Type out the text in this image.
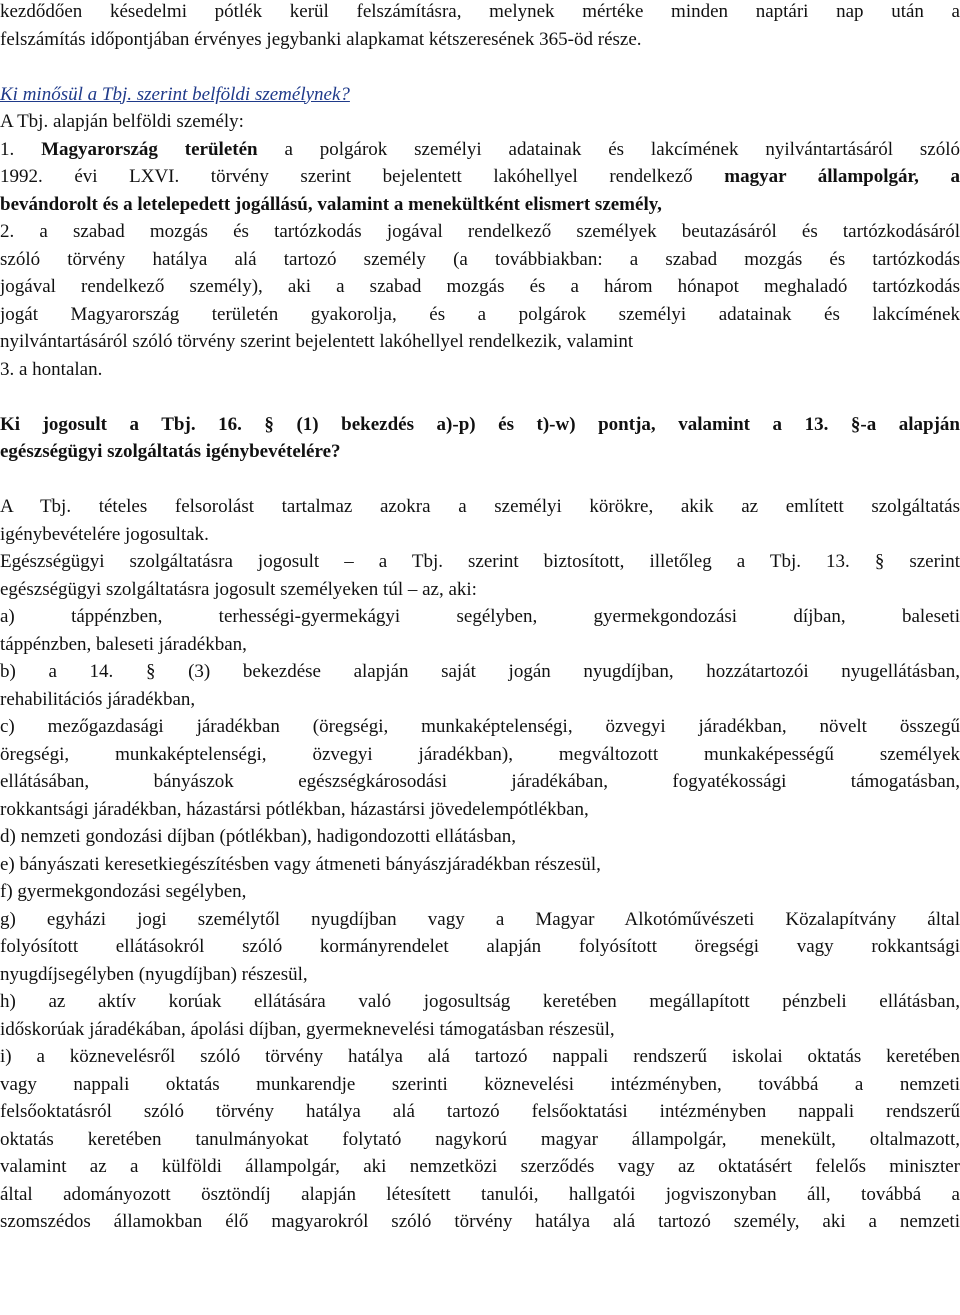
kezdődően késedelmi pótlék kerül felszámításra, melynek mértéke minden naptári nap után a
felszámítás időpontjában érvényes jegybanki alapkamat kétszeresének 365-öd része.
Ki minősül a Tbj. szerint belföldi személynek?
A Tbj. alapján belföldi személy:
1. Magyarország területén a polgárok személyi adatainak és lakcímének nyilvántartásáról szóló
1992. évi LXVI. törvény szerint bejelentett lakóhellyel rendelkező magyar állampolgár, a
bevándorolt és a letelepedett jogállású, valamint a menekültként elismert személy,
2. a szabad mozgás és tartózkodás jogával rendelkező személyek beutazásáról és tartózkodásáról
szóló törvény hatálya alá tartozó személy (a továbbiakban: a szabad mozgás és tartózkodás
jogával rendelkező személy), aki a szabad mozgás és a három hónapot meghaladó tartózkodás
jogát Magyarország területén gyakorolja, és a polgárok személyi adatainak és lakcímének
nyilvántartásáról szóló törvény szerint bejelentett lakóhellyel rendelkezik, valamint
3. a hontalan.
Ki jogosult a Tbj. 16. § (1) bekezdés a)-p) és t)-w) pontja, valamint a 13. §-a alapján
egészségügyi szolgáltatás igénybevételére?
A Tbj. tételes felsorolást tartalmaz azokra a személyi körökre, akik az említett szolgáltatás
igénybevételére jogosultak.
Egészségügyi szolgáltatásra jogosult – a Tbj. szerint biztosított, illetőleg a Tbj. 13. § szerint
egészségügyi szolgáltatásra jogosult személyeken túl – az, aki:
a) táppénzben, terhességi-gyermekágyi segélyben, gyermekgondozási díjban, baleseti
táppénzben, baleseti járadékban,
b) a 14. § (3) bekezdése alapján saját jogán nyugdíjban, hozzátartozói nyugellátásban,
rehabilitációs járadékban,
c) mezőgazdasági járadékban (öregségi, munkaképtelenségi, özvegyi járadékban, növelt összegű
öregségi, munkaképtelenségi, özvegyi járadékban), megváltozott munkaképességű személyek
ellátásában, bányászok egészségkárosodási járadékában, fogyatékossági támogatásban,
rokkantsági járadékban, házastársi pótlékban, házastársi jövedelempótlékban,
d) nemzeti gondozási díjban (pótlékban), hadigondozotti ellátásban,
e) bányászati keresetkiegészítésben vagy átmeneti bányászjáradékban részesül,
f) gyermekgondozási segélyben,
g) egyházi jogi személytől nyugdíjban vagy a Magyar Alkotóművészeti Közalapítvány által
folyósított ellátásokról szóló kormányrendelet alapján folyósított öregségi vagy rokkantsági
nyugdíjsegélyben (nyugdíjban) részesül,
h) az aktív korúak ellátására való jogosultság keretében megállapított pénzbeli ellátásban,
időskorúak járadékában, ápolási díjban, gyermeknevelési támogatásban részesül,
i) a köznevelésről szóló törvény hatálya alá tartozó nappali rendszerű iskolai oktatás keretében
vagy nappali oktatás munkarendje szerinti köznevelési intézményben, továbbá a nemzeti
felsőoktatásról szóló törvény hatálya alá tartozó felsőoktatási intézményben nappali rendszerű
oktatás keretében tanulmányokat folytató nagykorú magyar állampolgár, menekült, oltalmazott,
valamint az a külföldi állampolgár, aki nemzetközi szerződés vagy az oktatásért felelős miniszter
által adományozott ösztöndíj alapján létesített tanulói, hallgatói jogviszonyban áll, továbbá a
szomszédos államokban élő magyarokról szóló törvény hatálya alá tartozó személy, aki a nemzeti
